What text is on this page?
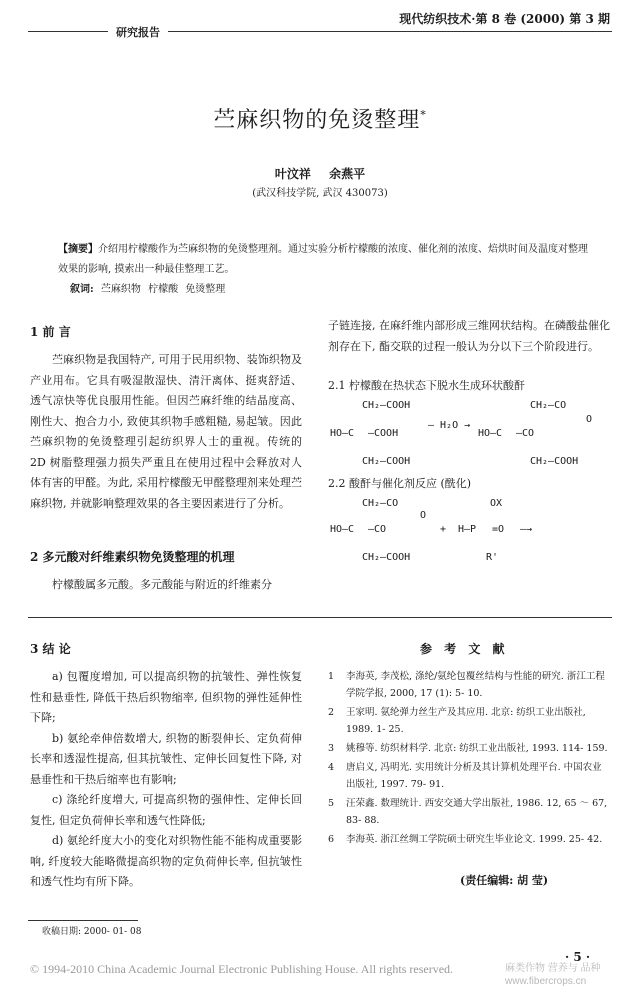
现代纺织技术·第 8 卷 (2000) 第 3 期
研究报告
苎麻织物的免烫整理*
叶汶祥 余燕平
(武汉科技学院, 武汉 430073)
【摘要】介绍用柠檬酸作为苎麻织物的免烫整理剂。通过实验分析柠檬酸的浓度、催化剂的浓度、焙烘时间及温度对整理效果的影响, 摸索出一种最佳整理工艺。
叙词: 苎麻织物 柠檬酸 免烫整理
1 前 言

苎麻织物是我国特产, 可用于民用织物、装饰织物及产业用布。它具有吸湿散湿快、清汗离体、挺爽舒适、透气凉快等优良服用性能。但因苎麻纤维的结晶度高、刚性大、抱合力小, 致使其织物手感粗糙, 易起皱。因此苎麻织物的免烫整理引起纺织界人士的重视。传统的 2D 树脂整理强力损失严重且在使用过程中会释放对人体有害的甲醛。为此, 采用柠檬酸无甲醛整理剂来处理苎麻织物, 并就影响整理效果的各主要因素进行了分析。

2 多元酸对纤维素织物免烫整理的机理

柠檬酸属多元酸。多元酸能与附近的纤维素分

子链连接, 在麻纤维内部形成三维网状结构。在磷酸盐催化剂存在下, 酯交联的过程一般认为分以下三个阶段进行。

2.1 柠檬酸在热状态下脱水生成环状酸酐
CH₂—COOH
HO—C —COOH
CH₂—COOH
— H₂O →
CH₂—CO
HO—C —CO
O
CH₂—COOH
2.2 酸酐与催化剂反应 (酰化)
CH₂—CO
HO—C —CO
O
CH₂—COOH
+
OX
H—P =O —→
R'
3 结 论

a) 包覆度增加, 可以提高织物的抗皱性、弹性恢复性和悬垂性, 降低干热后织物缩率, 但织物的弹性延伸性下降;

b) 氨纶牵伸倍数增大, 织物的断裂伸长、定负荷伸长率和透湿性提高, 但其抗皱性、定伸长回复性下降, 对悬垂性和干热后缩率也有影响;

c) 涤纶纤度增大, 可提高织物的强伸性、定伸长回复性, 但定负荷伸长率和透气性降低;

d) 氨纶纤度大小的变化对织物性能不能构成重要影响, 纤度较大能略微提高织物的定负荷伸长率, 但抗皱性和透气性均有所下降。

参 考 文 献
1 李海英, 李茂松, 涤纶/氨纶包覆丝结构与性能的研究. 浙江工程学院学报, 2000, 17 (1): 5- 10.
2 王家明. 氨纶弹力丝生产及其应用. 北京: 纺织工业出版社, 1989. 1- 25.
3 姚穆等. 纺织材料学. 北京: 纺织工业出版社, 1993. 114- 159.
4 唐启义, 冯明光. 实用统计分析及其计算机处理平台. 中国农业出版社, 1997. 79- 91.
5 汪荣鑫. 数理统计. 西安交通大学出版社, 1986. 12, 65 ～ 67, 83- 88.
6 李海英. 浙江丝绸工学院硕士研究生毕业论文. 1999. 25- 42.
(责任编辑: 胡 莹)
收稿日期: 2000- 01- 08
· 5 ·
© 1994-2010 China Academic Journal Electronic Publishing House. All rights reserved.	麻类作物 营养与 品种 www.fibercrops.cn
